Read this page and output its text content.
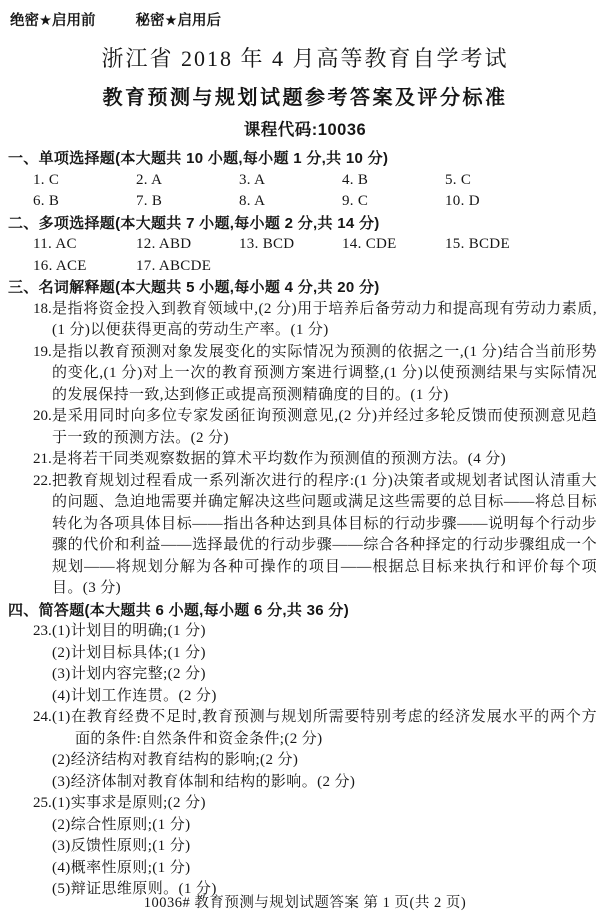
绝密★启用前	秘密★启用后
浙江省 2018 年 4 月高等教育自学考试
教育预测与规划试题参考答案及评分标准
课程代码:10036
一、单项选择题(本大题共 10 小题,每小题 1 分,共 10 分)
1. C	2. A	3. A	4. B	5. C
6. B	7. B	8. A	9. C	10. D
二、多项选择题(本大题共 7 小题,每小题 2 分,共 14 分)
11. AC	12. ABD	13. BCD	14. CDE	15. BCDE
16. ACE	17. ABCDE
三、名词解释题(本大题共 5 小题,每小题 4 分,共 20 分)
18. 是指将资金投入到教育领域中,(2 分)用于培养后备劳动力和提高现有劳动力素质,(1 分)以便获得更高的劳动生产率。(1 分)
19. 是指以教育预测对象发展变化的实际情况为预测的依据之一,(1 分)结合当前形势的变化,(1 分)对上一次的教育预测方案进行调整,(1 分)以使预测结果与实际情况的发展保持一致,达到修正或提高预测精确度的目的。(1 分)
20. 是采用同时向多位专家发函征询预测意见,(2 分)并经过多轮反馈而使预测意见趋于一致的预测方法。(2 分)
21. 是将若干同类观察数据的算术平均数作为预测值的预测方法。(4 分)
22. 把教育规划过程看成一系列渐次进行的程序:(1 分)决策者或规划者试图认清重大的问题、急迫地需要并确定解决这些问题或满足这些需要的总目标——将总目标转化为各项具体目标——指出各种达到具体目标的行动步骤——说明每个行动步骤的代价和利益——选择最优的行动步骤——综合各种择定的行动步骤组成一个规划——将规划分解为各种可操作的项目——根据总目标来执行和评价每个项目。(3 分)
四、简答题(本大题共 6 小题,每小题 6 分,共 36 分)
23. (1)计划目的明确;(1 分)
(2)计划目标具体;(1 分)
(3)计划内容完整;(2 分)
(4)计划工作连贯。(2 分)
24. (1)在教育经费不足时,教育预测与规划所需要特别考虑的经济发展水平的两个方面的条件:自然条件和资金条件;(2 分)
(2)经济结构对教育结构的影响;(2 分)
(3)经济体制对教育体制和结构的影响。(2 分)
25. (1)实事求是原则;(2 分)
(2)综合性原则;(1 分)
(3)反馈性原则;(1 分)
(4)概率性原则;(1 分)
(5)辩证思维原则。(1 分)
10036# 教育预测与规划试题答案 第 1 页(共 2 页)
